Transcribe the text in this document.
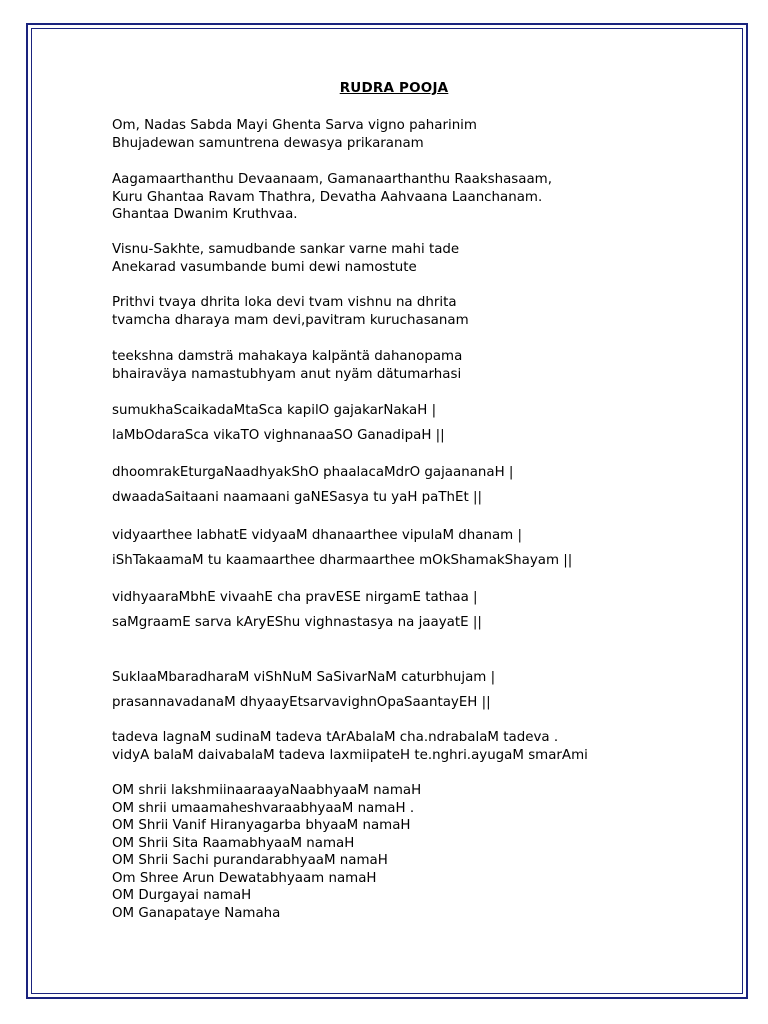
RUDRA POOJA
Om, Nadas Sabda Mayi Ghenta Sarva vigno paharinim
Bhujadewan samuntrena dewasya prikaranam
Aagamaarthanthu Devaanaam, Gamanaarthanthu Raakshasaam,
Kuru Ghantaa Ravam Thathra, Devatha Aahvaana Laanchanam.
Ghantaa Dwanim Kruthvaa.
Visnu-Sakhte, samudbande sankar varne mahi tade
Anekarad vasumbande bumi dewi namostute
Prithvi tvaya dhrita loka devi tvam vishnu na dhrita
tvamcha dharaya mam devi,pavitram kuruchasanam
teekshna damsträ mahakaya kalpäntä dahanopama
bhairaväya namastubhyam anut nyäm dätumarhasi
sumukhaScaikadaMtaSca kapilO gajakarNakaH |
laMbOdaraSca vikaTO vighnanaaSO GanadipaH ||
dhoomrakEturgaNaadhyakShO phaalacaMdrO gajaananaH |
dwaadaSaitaani naamaani gaNESasya tu yaH paThEt ||
vidyaarthee labhatE vidyaaM dhanaarthee vipulaM dhanam |
iShTakaamaM tu kaamaarthee dharmaarthee mOkShamakShayam ||
vidhyaaraMbhE vivaahE cha pravESE nirgamE tathaa |
saMgraamE sarva kAryEShu vighnastasya na jaayatE ||
SuklaaMbaradharaM viShNuM SaSivarNaM caturbhujam |
prasannavadanaM dhyaayEtsarvavighnOpaSaantayEH ||
tadeva lagnaM sudinaM tadeva tArAbalaM cha.ndrabalaM tadeva .
vidyA balaM daivabalaM tadeva laxmiipateH te.nghri.ayugaM smarAmi
OM shrii lakshmiinaaraayaNaabhyaaM namaH
OM shrii umaamaheshvaraabhyaaM namaH .
OM Shrii Vanif Hiranyagarba bhyaaM namaH
OM Shrii Sita RaamabhyaaM namaH
OM Shrii Sachi purandarabhyaaM namaH
Om Shree Arun Dewatabhyaam namaH
OM Durgayai namaH
OM Ganapataye Namaha
